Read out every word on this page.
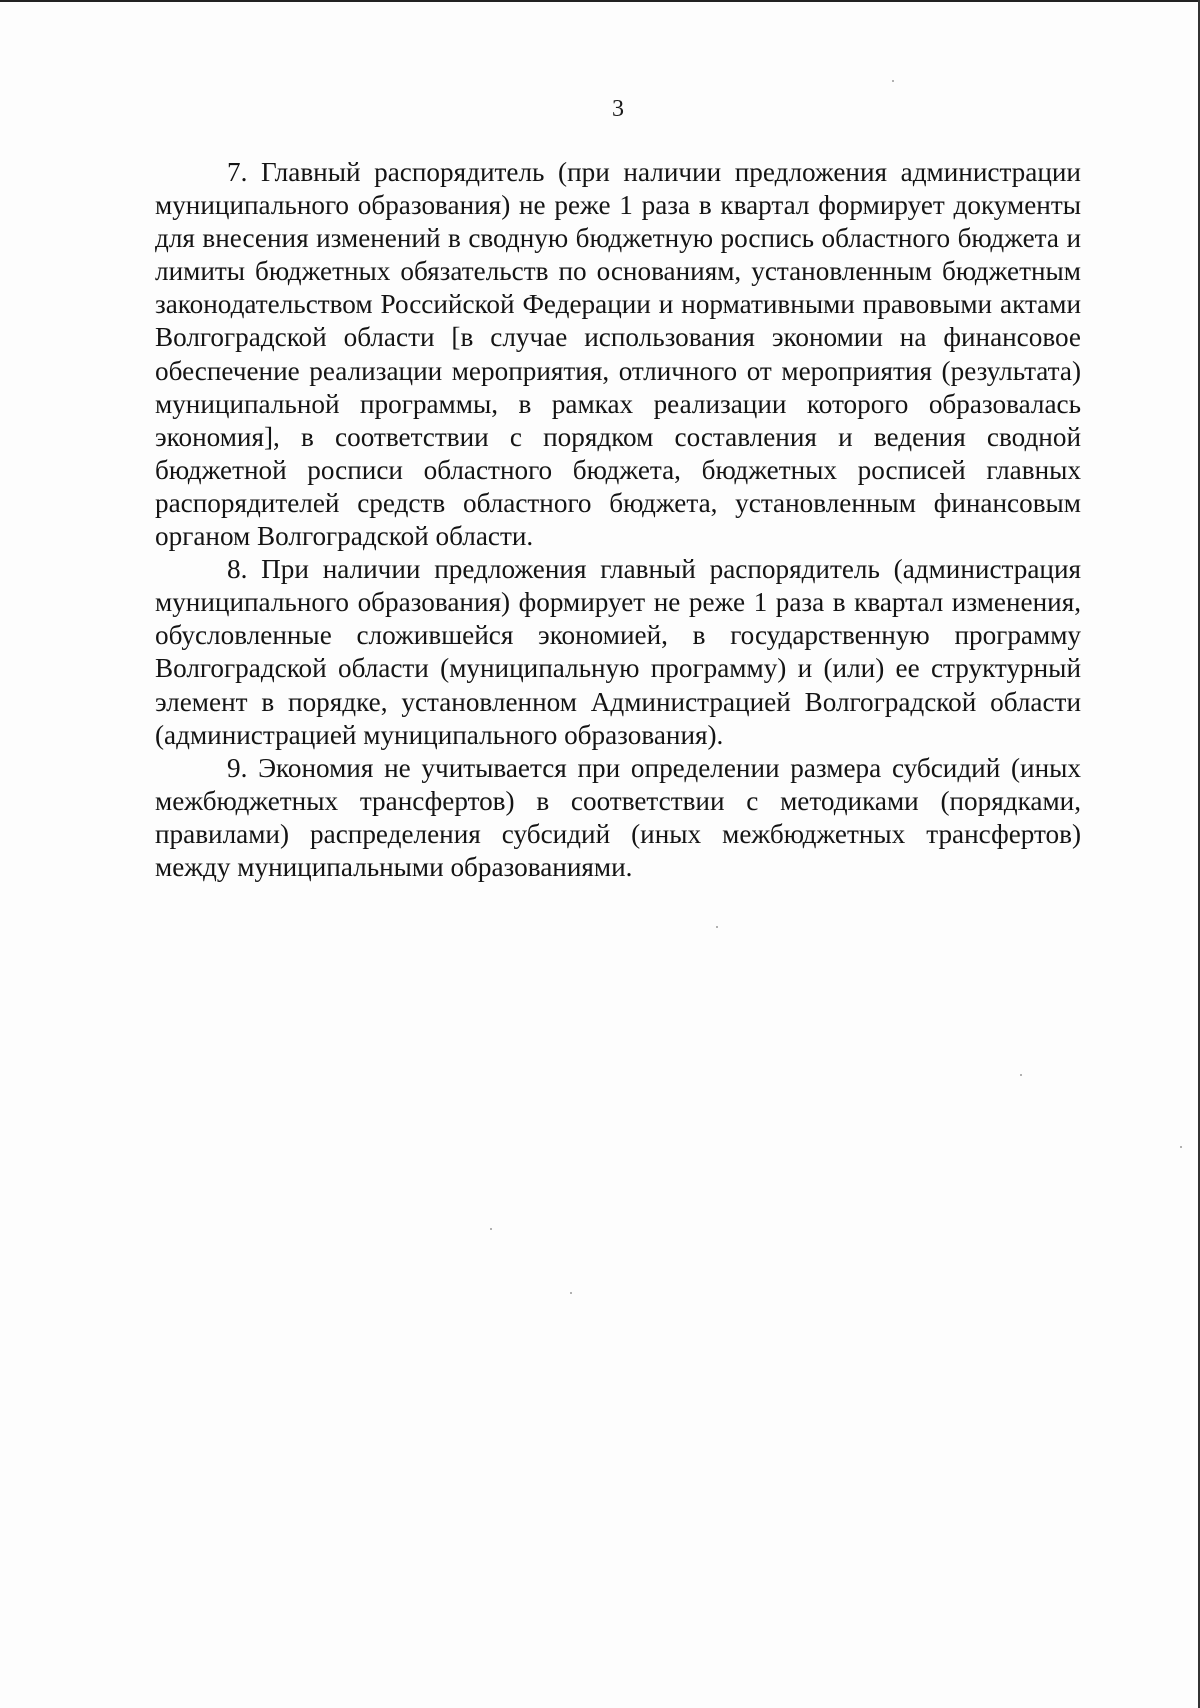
3

7. Главный распорядитель (при наличии предложения администрации муниципального образования) не реже 1 раза в квартал формирует документы для внесения изменений в сводную бюджетную роспись областного бюджета и лимиты бюджетных обязательств по основаниям, установленным бюджетным законодательством Российской Федерации и нормативными правовыми актами Волгоградской области [в случае использования экономии на финансовое обеспечение реализации мероприятия, отличного от мероприятия (результата) муниципальной программы, в рамках реализации которого образовалась экономия], в соответствии с порядком составления и ведения сводной бюджетной росписи областного бюджета, бюджетных росписей главных распорядителей средств областного бюджета, установленным финансовым органом Волгоградской области.

8. При наличии предложения главный распорядитель (администрация муниципального образования) формирует не реже 1 раза в квартал изменения, обусловленные сложившейся экономией, в государственную программу Волгоградской области (муниципальную программу) и (или) ее структурный элемент в порядке, установленном Администрацией Волгоградской области (администрацией муниципального образования).

9. Экономия не учитывается при определении размера субсидий (иных межбюджетных трансфертов) в соответствии с методиками (порядками, правилами) распределения субсидий (иных межбюджетных трансфертов) между муниципальными образованиями.
